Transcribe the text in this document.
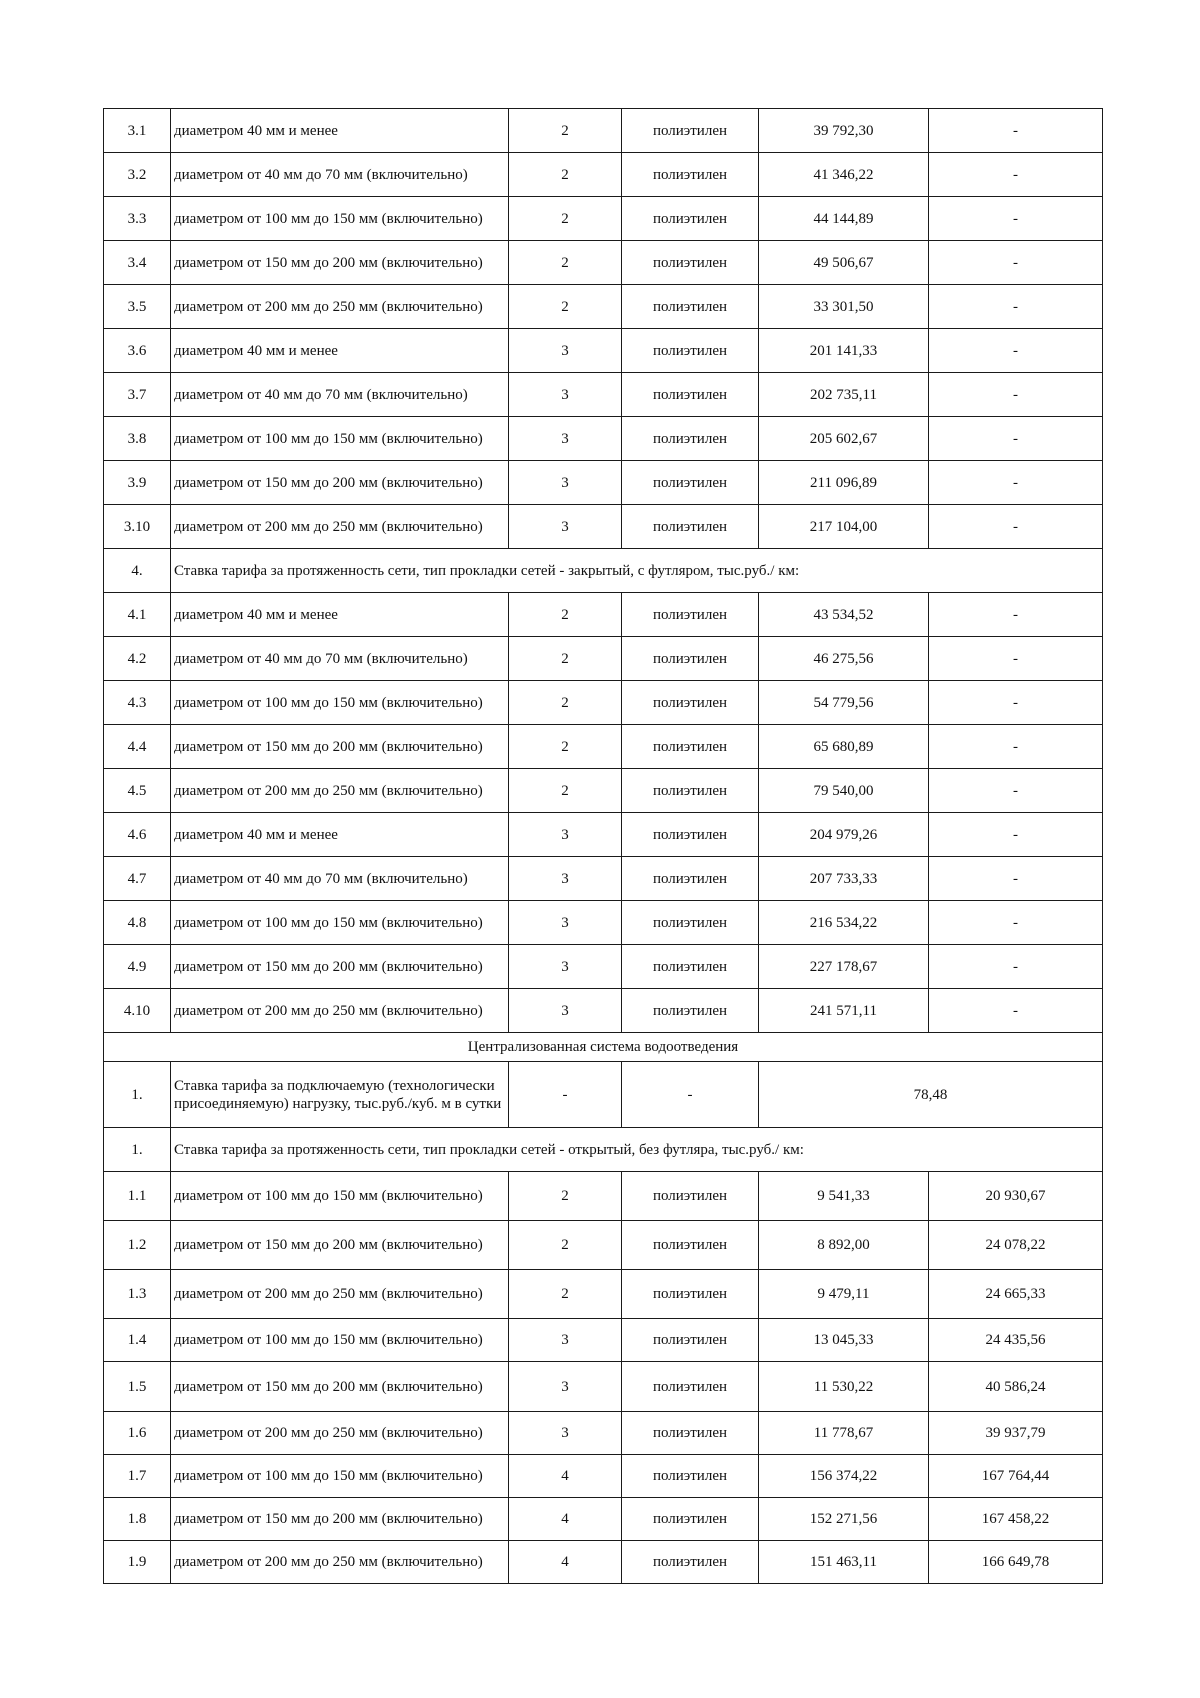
3.1	диаметром 40 мм и менее	2	полиэтилен	39 792,30	-
3.2	диаметром от 40 мм до 70 мм (включительно)	2	полиэтилен	41 346,22	-
3.3	диаметром от 100 мм до 150 мм (включительно)	2	полиэтилен	44 144,89	-
3.4	диаметром от 150 мм до 200 мм (включительно)	2	полиэтилен	49 506,67	-
3.5	диаметром от 200 мм до 250 мм (включительно)	2	полиэтилен	33 301,50	-
3.6	диаметром 40 мм и менее	3	полиэтилен	201 141,33	-
3.7	диаметром от 40 мм до 70 мм (включительно)	3	полиэтилен	202 735,11	-
3.8	диаметром от 100 мм до 150 мм (включительно)	3	полиэтилен	205 602,67	-
3.9	диаметром от 150 мм до 200 мм (включительно)	3	полиэтилен	211 096,89	-
3.10	диаметром от 200 мм до 250 мм (включительно)	3	полиэтилен	217 104,00	-
4.	Ставка тарифа за протяженность сети, тип прокладки сетей - закрытый, с футляром, тыс.руб./ км:				
4.1	диаметром 40 мм и менее	2	полиэтилен	43 534,52	-
4.2	диаметром от 40 мм до 70 мм (включительно)	2	полиэтилен	46 275,56	-
4.3	диаметром от 100 мм до 150 мм (включительно)	2	полиэтилен	54 779,56	-
4.4	диаметром от 150 мм до 200 мм (включительно)	2	полиэтилен	65 680,89	-
4.5	диаметром от 200 мм до 250 мм (включительно)	2	полиэтилен	79 540,00	-
4.6	диаметром 40 мм и менее	3	полиэтилен	204 979,26	-
4.7	диаметром от 40 мм до 70 мм (включительно)	3	полиэтилен	207 733,33	-
4.8	диаметром от 100 мм до 150 мм (включительно)	3	полиэтилен	216 534,22	-
4.9	диаметром от 150 мм до 200 мм (включительно)	3	полиэтилен	227 178,67	-
4.10	диаметром от 200 мм до 250 мм (включительно)	3	полиэтилен	241 571,11	-
Централизованная система водоотведения					
1.	Ставка тарифа за подключаемую (технологически присоединяемую) нагрузку, тыс.руб./куб. м в сутки	-	-	78,48	
1.	Ставка тарифа за протяженность сети, тип прокладки сетей - открытый, без футляра, тыс.руб./ км:				
1.1	диаметром от 100 мм до 150 мм (включительно)	2	полиэтилен	9 541,33	20 930,67
1.2	диаметром от 150 мм до 200 мм (включительно)	2	полиэтилен	8 892,00	24 078,22
1.3	диаметром от 200 мм до 250 мм (включительно)	2	полиэтилен	9 479,11	24 665,33
1.4	диаметром от 100 мм до 150 мм (включительно)	3	полиэтилен	13 045,33	24 435,56
1.5	диаметром от 150 мм до 200 мм (включительно)	3	полиэтилен	11 530,22	40 586,24
1.6	диаметром от 200 мм до 250 мм (включительно)	3	полиэтилен	11 778,67	39 937,79
1.7	диаметром от 100 мм до 150 мм (включительно)	4	полиэтилен	156 374,22	167 764,44
1.8	диаметром от 150 мм до 200 мм (включительно)	4	полиэтилен	152 271,56	167 458,22
1.9	диаметром от 200 мм до 250 мм (включительно)	4	полиэтилен	151 463,11	166 649,78
